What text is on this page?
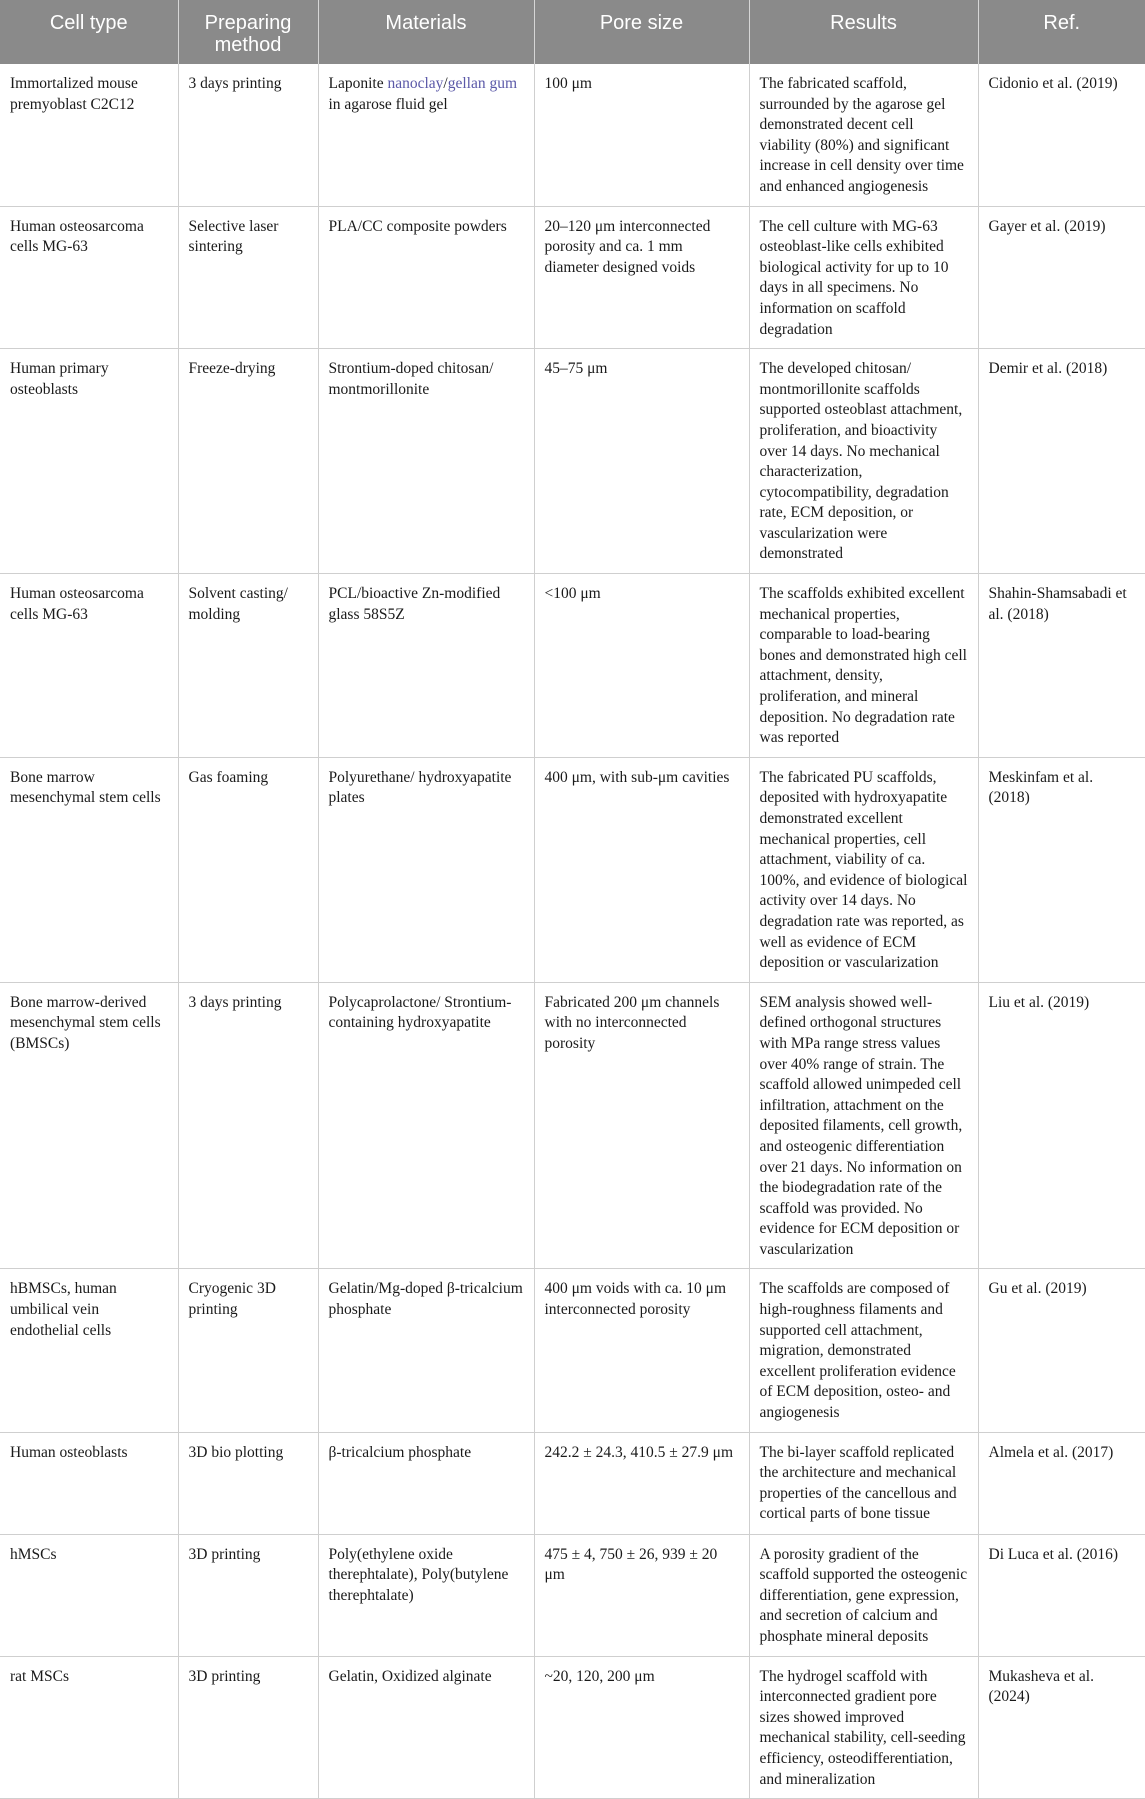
Cell type	Preparing method	Materials	Pore size	Results	Ref.
Immortalized mouse premyoblast C2C12	3 days printing	Laponite nanoclay/gellan gum in agarose fluid gel	100 μm	The fabricated scaffold, surrounded by the agarose gel demonstrated decent cell viability (80%) and significant increase in cell density over time and enhanced angiogenesis	Cidonio et al. (2019)
Human osteosarcoma cells MG-63	Selective laser sintering	PLA/CC composite powders	20–120 μm interconnected porosity and ca. 1 mm diameter designed voids	The cell culture with MG-63 osteoblast-like cells exhibited biological activity for up to 10 days in all specimens. No information on scaffold degradation	Gayer et al. (2019)
Human primary osteoblasts	Freeze-drying	Strontium-doped chitosan/ montmorillonite	45–75 μm	The developed chitosan/ montmorillonite scaffolds supported osteoblast attachment, proliferation, and bioactivity over 14 days. No mechanical characterization, cytocompatibility, degradation rate, ECM deposition, or vascularization were demonstrated	Demir et al. (2018)
Human osteosarcoma cells MG-63	Solvent casting/ molding	PCL/bioactive Zn-modified glass 58S5Z	<100 μm	The scaffolds exhibited excellent mechanical properties, comparable to load-bearing bones and demonstrated high cell attachment, density, proliferation, and mineral deposition. No degradation rate was reported	Shahin-Shamsabadi et al. (2018)
Bone marrow mesenchymal stem cells	Gas foaming	Polyurethane/ hydroxyapatite plates	400 μm, with sub-μm cavities	The fabricated PU scaffolds, deposited with hydroxyapatite demonstrated excellent mechanical properties, cell attachment, viability of ca. 100%, and evidence of biological activity over 14 days. No degradation rate was reported, as well as evidence of ECM deposition or vascularization	Meskinfam et al. (2018)
Bone marrow-derived mesenchymal stem cells (BMSCs)	3 days printing	Polycaprolactone/ Strontium-containing hydroxyapatite	Fabricated 200 μm channels with no interconnected porosity	SEM analysis showed well-defined orthogonal structures with MPa range stress values over 40% range of strain. The scaffold allowed unimpeded cell infiltration, attachment on the deposited filaments, cell growth, and osteogenic differentiation over 21 days. No information on the biodegradation rate of the scaffold was provided. No evidence for ECM deposition or vascularization	Liu et al. (2019)
hBMSCs, human umbilical vein endothelial cells	Cryogenic 3D printing	Gelatin/Mg-doped β-tricalcium phosphate	400 μm voids with ca. 10 μm interconnected porosity	The scaffolds are composed of high-roughness filaments and supported cell attachment, migration, demonstrated excellent proliferation evidence of ECM deposition, osteo- and angiogenesis	Gu et al. (2019)
Human osteoblasts	3D bio plotting	β-tricalcium phosphate	242.2 ± 24.3, 410.5 ± 27.9 μm	The bi-layer scaffold replicated the architecture and mechanical properties of the cancellous and cortical parts of bone tissue	Almela et al. (2017)
hMSCs	3D printing	Poly(ethylene oxide therephtalate), Poly(butylene therephtalate)	475 ± 4, 750 ± 26, 939 ± 20 μm	A porosity gradient of the scaffold supported the osteogenic differentiation, gene expression, and secretion of calcium and phosphate mineral deposits	Di Luca et al. (2016)
rat MSCs	3D printing	Gelatin, Oxidized alginate	~20, 120, 200 μm	The hydrogel scaffold with interconnected gradient pore sizes showed improved mechanical stability, cell-seeding efficiency, osteodifferentiation, and mineralization	Mukasheva et al. (2024)
